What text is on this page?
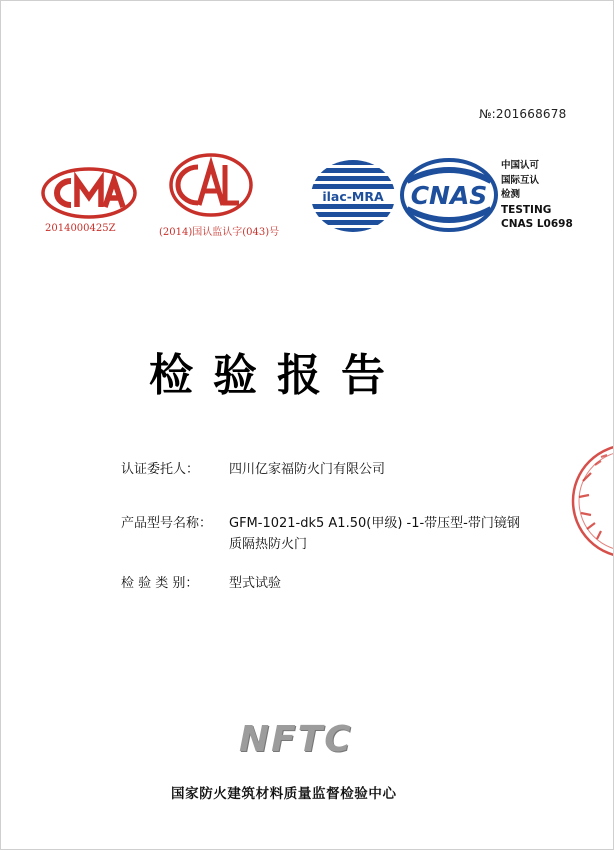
№:201668678
2014000425Z	(2014)国认监认字(043)号
ilac-MRA CNAS
中国认可
国际互认
检测
TESTING
CNAS L0698
检验报告
认证委托人：	四川亿家福防火门有限公司
产品型号名称：	GFM-1021-dk5 A1.50(甲级) -1-带压型-带门镜钢质隔热防火门
检 验 类 别：	型式试验
NFTC
国家防火建筑材料质量监督检验中心
